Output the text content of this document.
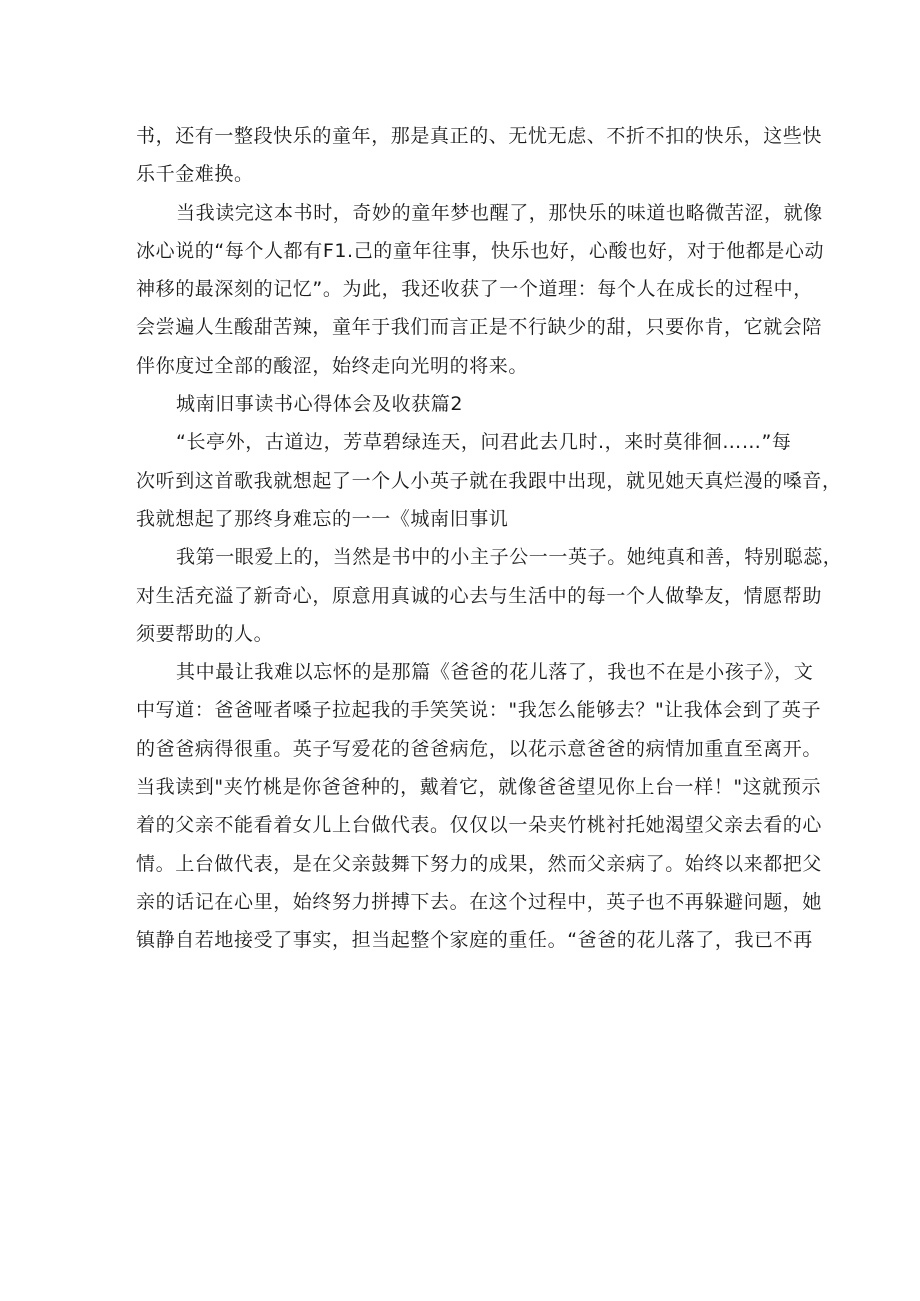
书，还有一整段快乐的童年，那是真正的、无忧无虑、不折不扣的快乐，这些快
乐千金难换。
当我读完这本书时，奇妙的童年梦也醒了，那快乐的味道也略微苦涩，就像
冰心说的“每个人都有F1.己的童年往事，快乐也好，心酸也好，对于他都是心动
神移的最深刻的记忆”。为此，我还收获了一个道理：每个人在成长的过程中，
会尝遍人生酸甜苦辣，童年于我们而言正是不行缺少的甜，只要你肯，它就会陪
伴你度过全部的酸涩，始终走向光明的将来。
城南旧事读书心得体会及收获篇2
“长亭外，古道边，芳草碧绿连天，问君此去几时.，来时莫徘徊……”每
次听到这首歌我就想起了一个人小英子就在我跟中出现，就见她天真烂漫的嗓音，
我就想起了那终身难忘的一一《城南旧事讥
我第一眼爱上的，当然是书中的小主子公一一英子。她纯真和善，特别聪蕊，
对生活充溢了新奇心，原意用真诚的心去与生活中的每一个人做挚友，情愿帮助
须要帮助的人。
其中最让我难以忘怀的是那篇《爸爸的花儿落了，我也不在是小孩子》，文
中写道：爸爸哑者嗓子拉起我的手笑笑说："我怎么能够去？"让我体会到了英子
的爸爸病得很重。英子写爱花的爸爸病危，以花示意爸爸的病情加重直至离开。
当我读到"夹竹桃是你爸爸种的，戴着它，就像爸爸望见你上台一样！"这就预示
着的父亲不能看着女儿上台做代表。仅仅以一朵夹竹桃衬托她渴望父亲去看的心
情。上台做代表，是在父亲鼓舞下努力的成果，然而父亲病了。始终以来都把父
亲的话记在心里，始终努力拼搏下去。在这个过程中，英子也不再躲避问题，她
镇静自若地接受了事实，担当起整个家庭的重任。“爸爸的花儿落了，我已不再
